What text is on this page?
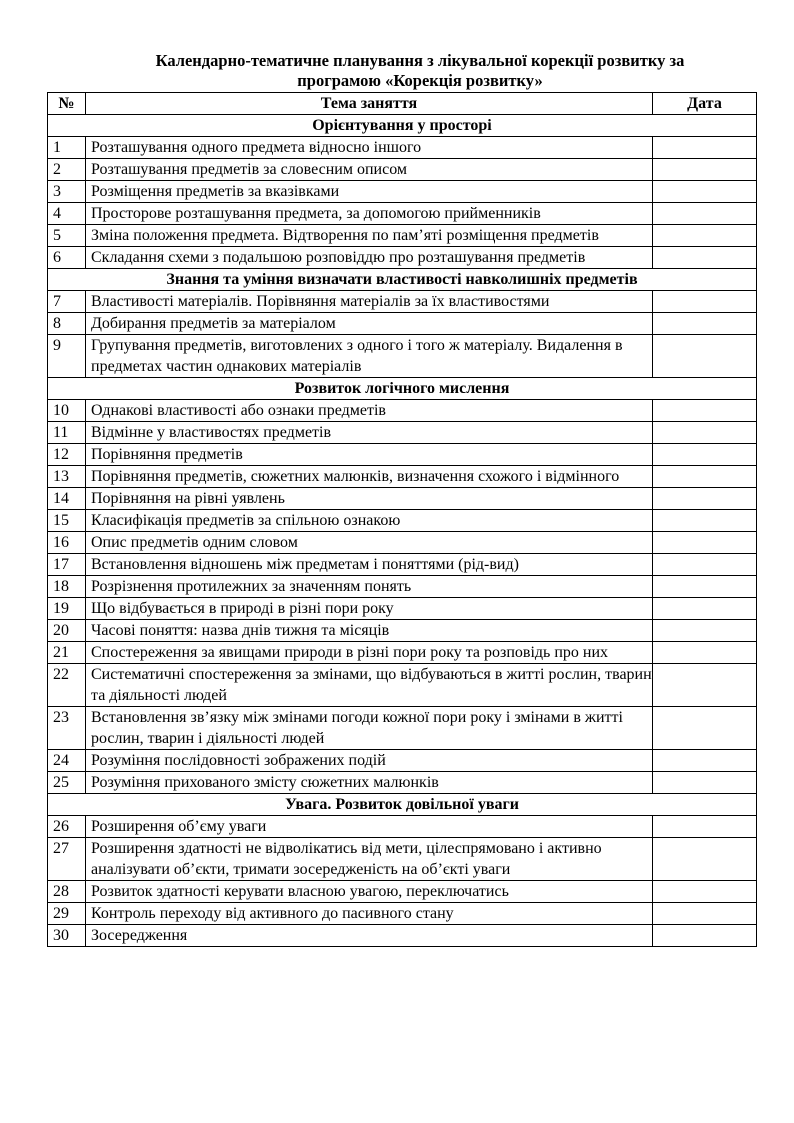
Календарно-тематичне планування з лікувальної корекції розвитку за
програмою «Корекція розвитку»
№	Тема заняття	Дата
Орієнтування у просторі		
1	Розташування одного предмета відносно іншого	
2	Розташування предметів за словесним описом	
3	Розміщення предметів за вказівками	
4	Просторове розташування предмета, за допомогою прийменників	
5	Зміна положення предмета. Відтворення по пам’яті розміщення предметів	
6	Складання схеми з подальшою розповіддю про розташування предметів	
Знання та уміння визначати властивості навколишніх предметів		
7	Властивості матеріалів. Порівняння матеріалів за їх властивостями	
8	Добирання предметів за матеріалом	
9	Групування предметів, виготовлених з одного і того ж матеріалу. Видалення в предметах частин однакових матеріалів	
Розвиток логічного мислення		
10	Однакові властивості або ознаки предметів	
11	Відмінне у властивостях предметів	
12	Порівняння предметів	
13	Порівняння предметів, сюжетних малюнків, визначення схожого і відмінного	
14	Порівняння на рівні уявлень	
15	Класифікація предметів за спільною ознакою	
16	Опис предметів одним словом	
17	Встановлення відношень між предметам і поняттями (рід-вид)	
18	Розрізнення протилежних за значенням понять	
19	Що відбувається в природі в різні пори року	
20	Часові поняття: назва днів тижня та місяців	
21	Спостереження за явищами природи в різні пори року та розповідь про них	
22	Систематичні спостереження за змінами, що відбуваються в житті рослин, тварин та діяльності людей	
23	Встановлення зв’язку між змінами погоди кожної пори року і змінами в житті рослин, тварин і діяльності людей	
24	Розуміння послідовності зображених подій	
25	Розуміння прихованого змісту сюжетних малюнків	
Увага. Розвиток довільної уваги		
26	Розширення об’єму уваги	
27	Розширення здатності не відволікатись від мети, цілеспрямовано і активно аналізувати об’єкти, тримати зосередженість на об’єкті уваги	
28	Розвиток здатності керувати власною увагою, переключатись	
29	Контроль переходу від активного до пасивного стану	
30	Зосередження	
